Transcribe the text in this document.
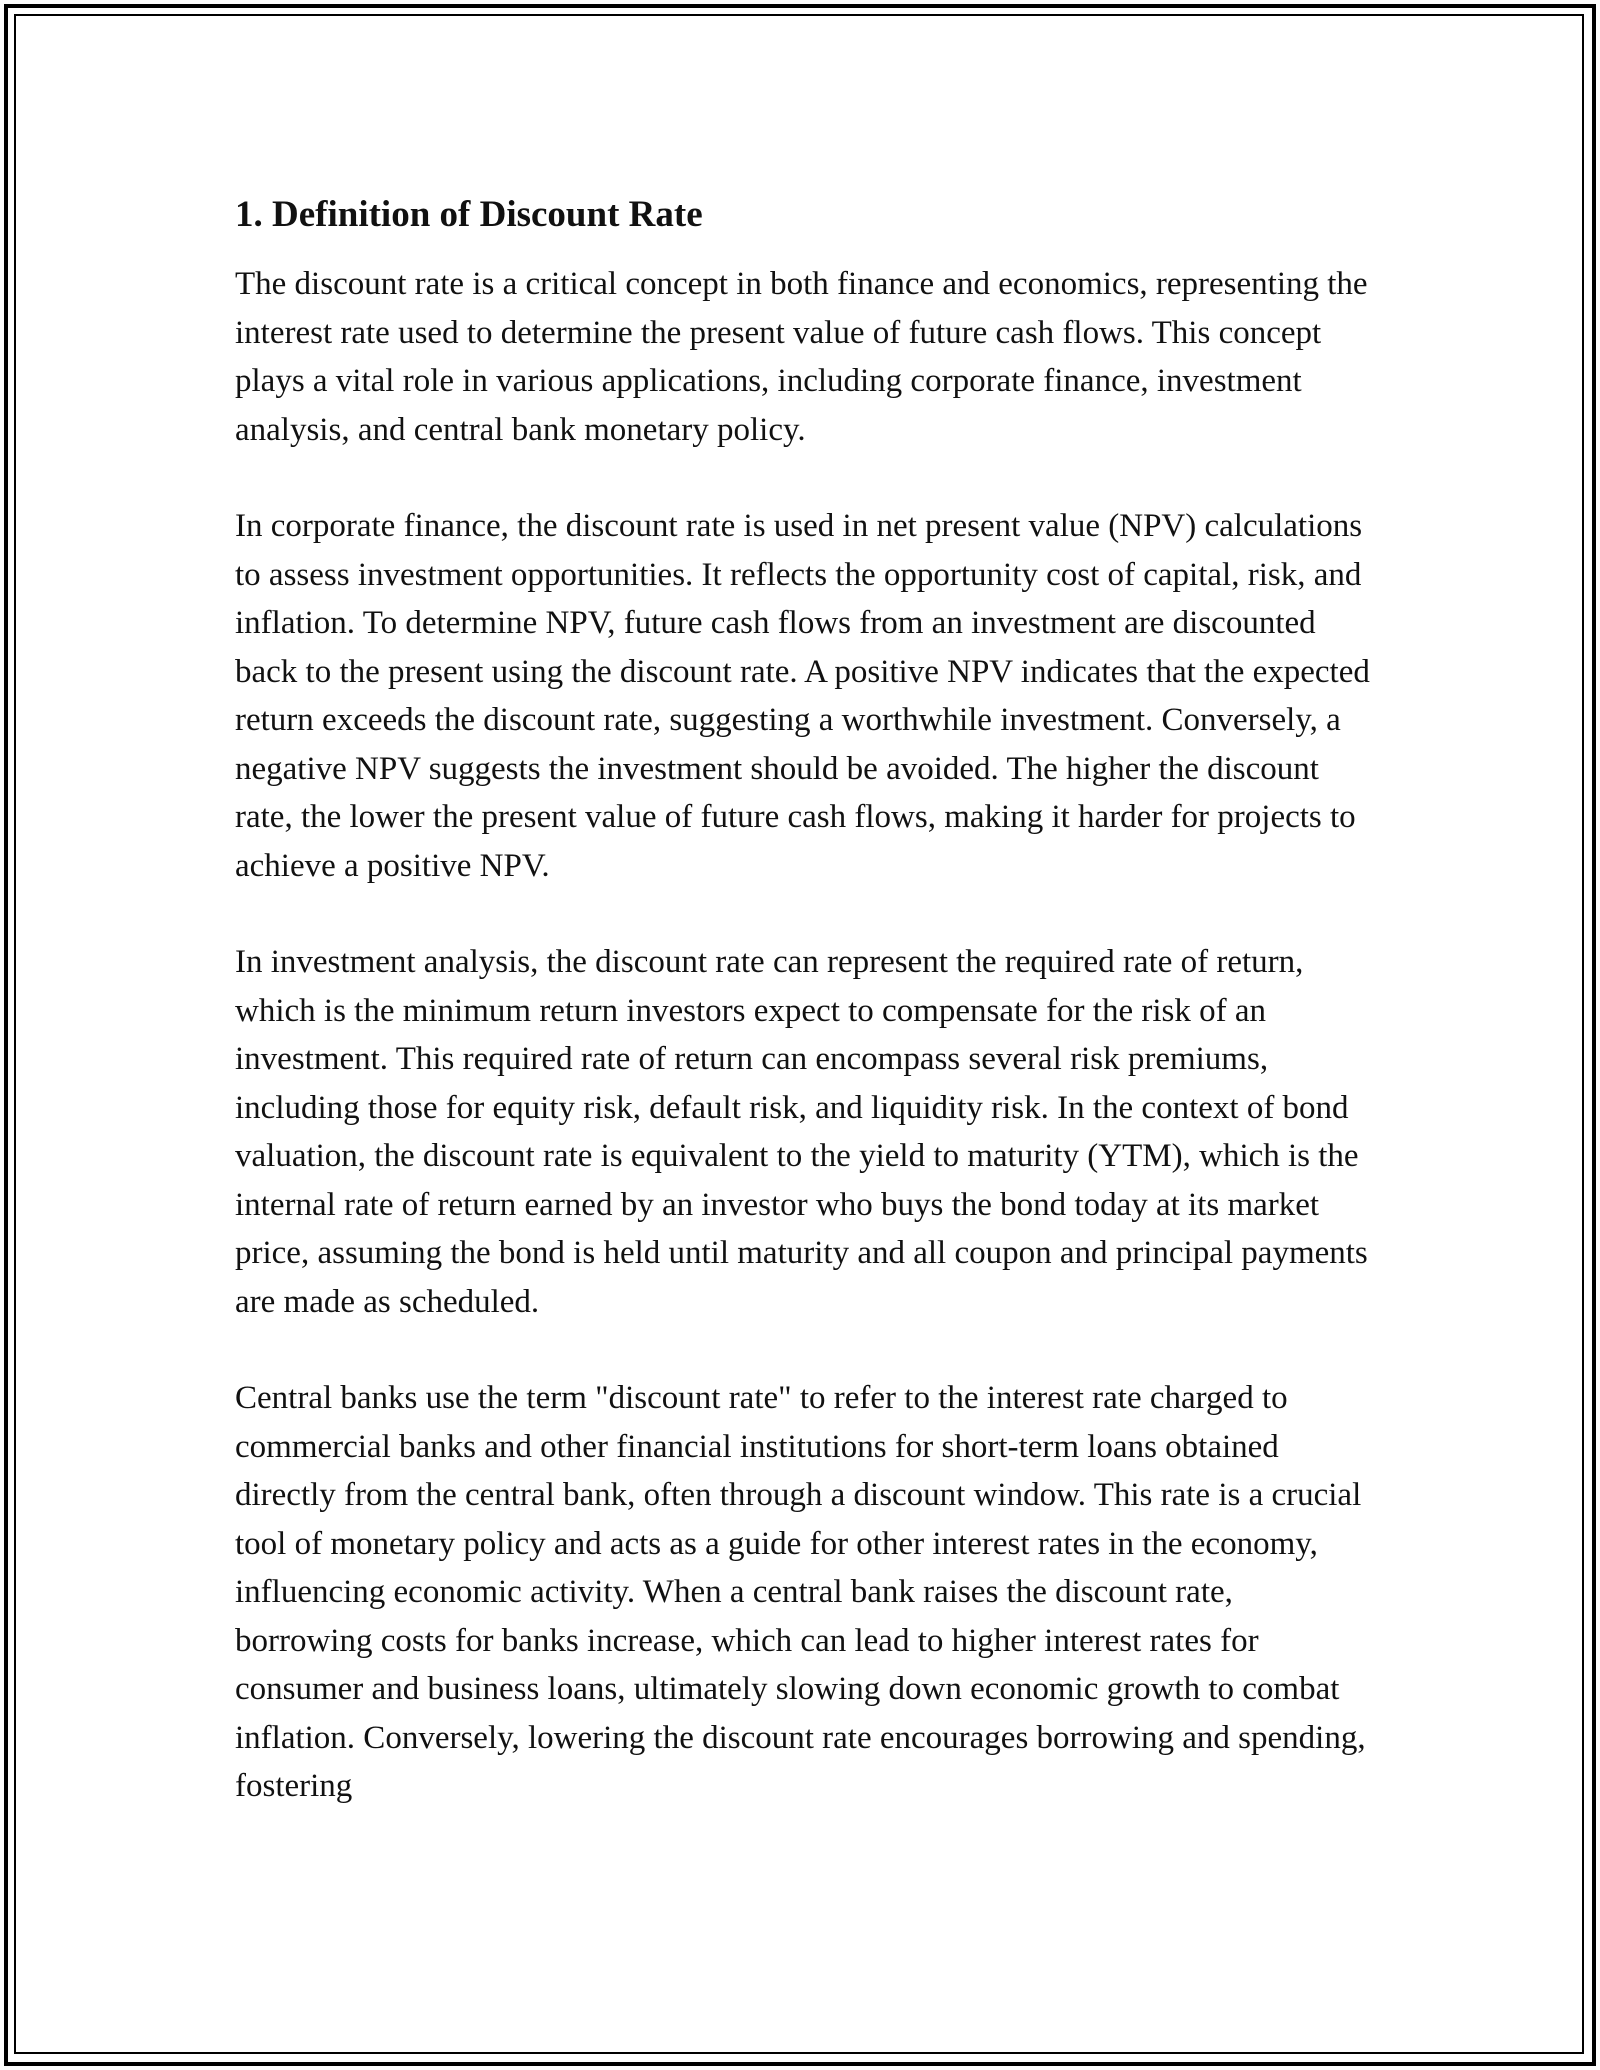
1. Definition of Discount Rate

The discount rate is a critical concept in both finance and economics, representing the interest rate used to determine the present value of future cash flows. This concept plays a vital role in various applications, including corporate finance, investment analysis, and central bank monetary policy.

In corporate finance, the discount rate is used in net present value (NPV) calculations to assess investment opportunities. It reflects the opportunity cost of capital, risk, and inflation. To determine NPV, future cash flows from an investment are discounted back to the present using the discount rate. A positive NPV indicates that the expected return exceeds the discount rate, suggesting a worthwhile investment. Conversely, a negative NPV suggests the investment should be avoided. The higher the discount rate, the lower the present value of future cash flows, making it harder for projects to achieve a positive NPV.

In investment analysis, the discount rate can represent the required rate of return, which is the minimum return investors expect to compensate for the risk of an investment. This required rate of return can encompass several risk premiums, including those for equity risk, default risk, and liquidity risk. In the context of bond valuation, the discount rate is equivalent to the yield to maturity (YTM), which is the internal rate of return earned by an investor who buys the bond today at its market price, assuming the bond is held until maturity and all coupon and principal payments are made as scheduled.

Central banks use the term "discount rate" to refer to the interest rate charged to commercial banks and other financial institutions for short-term loans obtained directly from the central bank, often through a discount window. This rate is a crucial tool of monetary policy and acts as a guide for other interest rates in the economy, influencing economic activity. When a central bank raises the discount rate, borrowing costs for banks increase, which can lead to higher interest rates for consumer and business loans, ultimately slowing down economic growth to combat inflation. Conversely, lowering the discount rate encourages borrowing and spending, fostering
